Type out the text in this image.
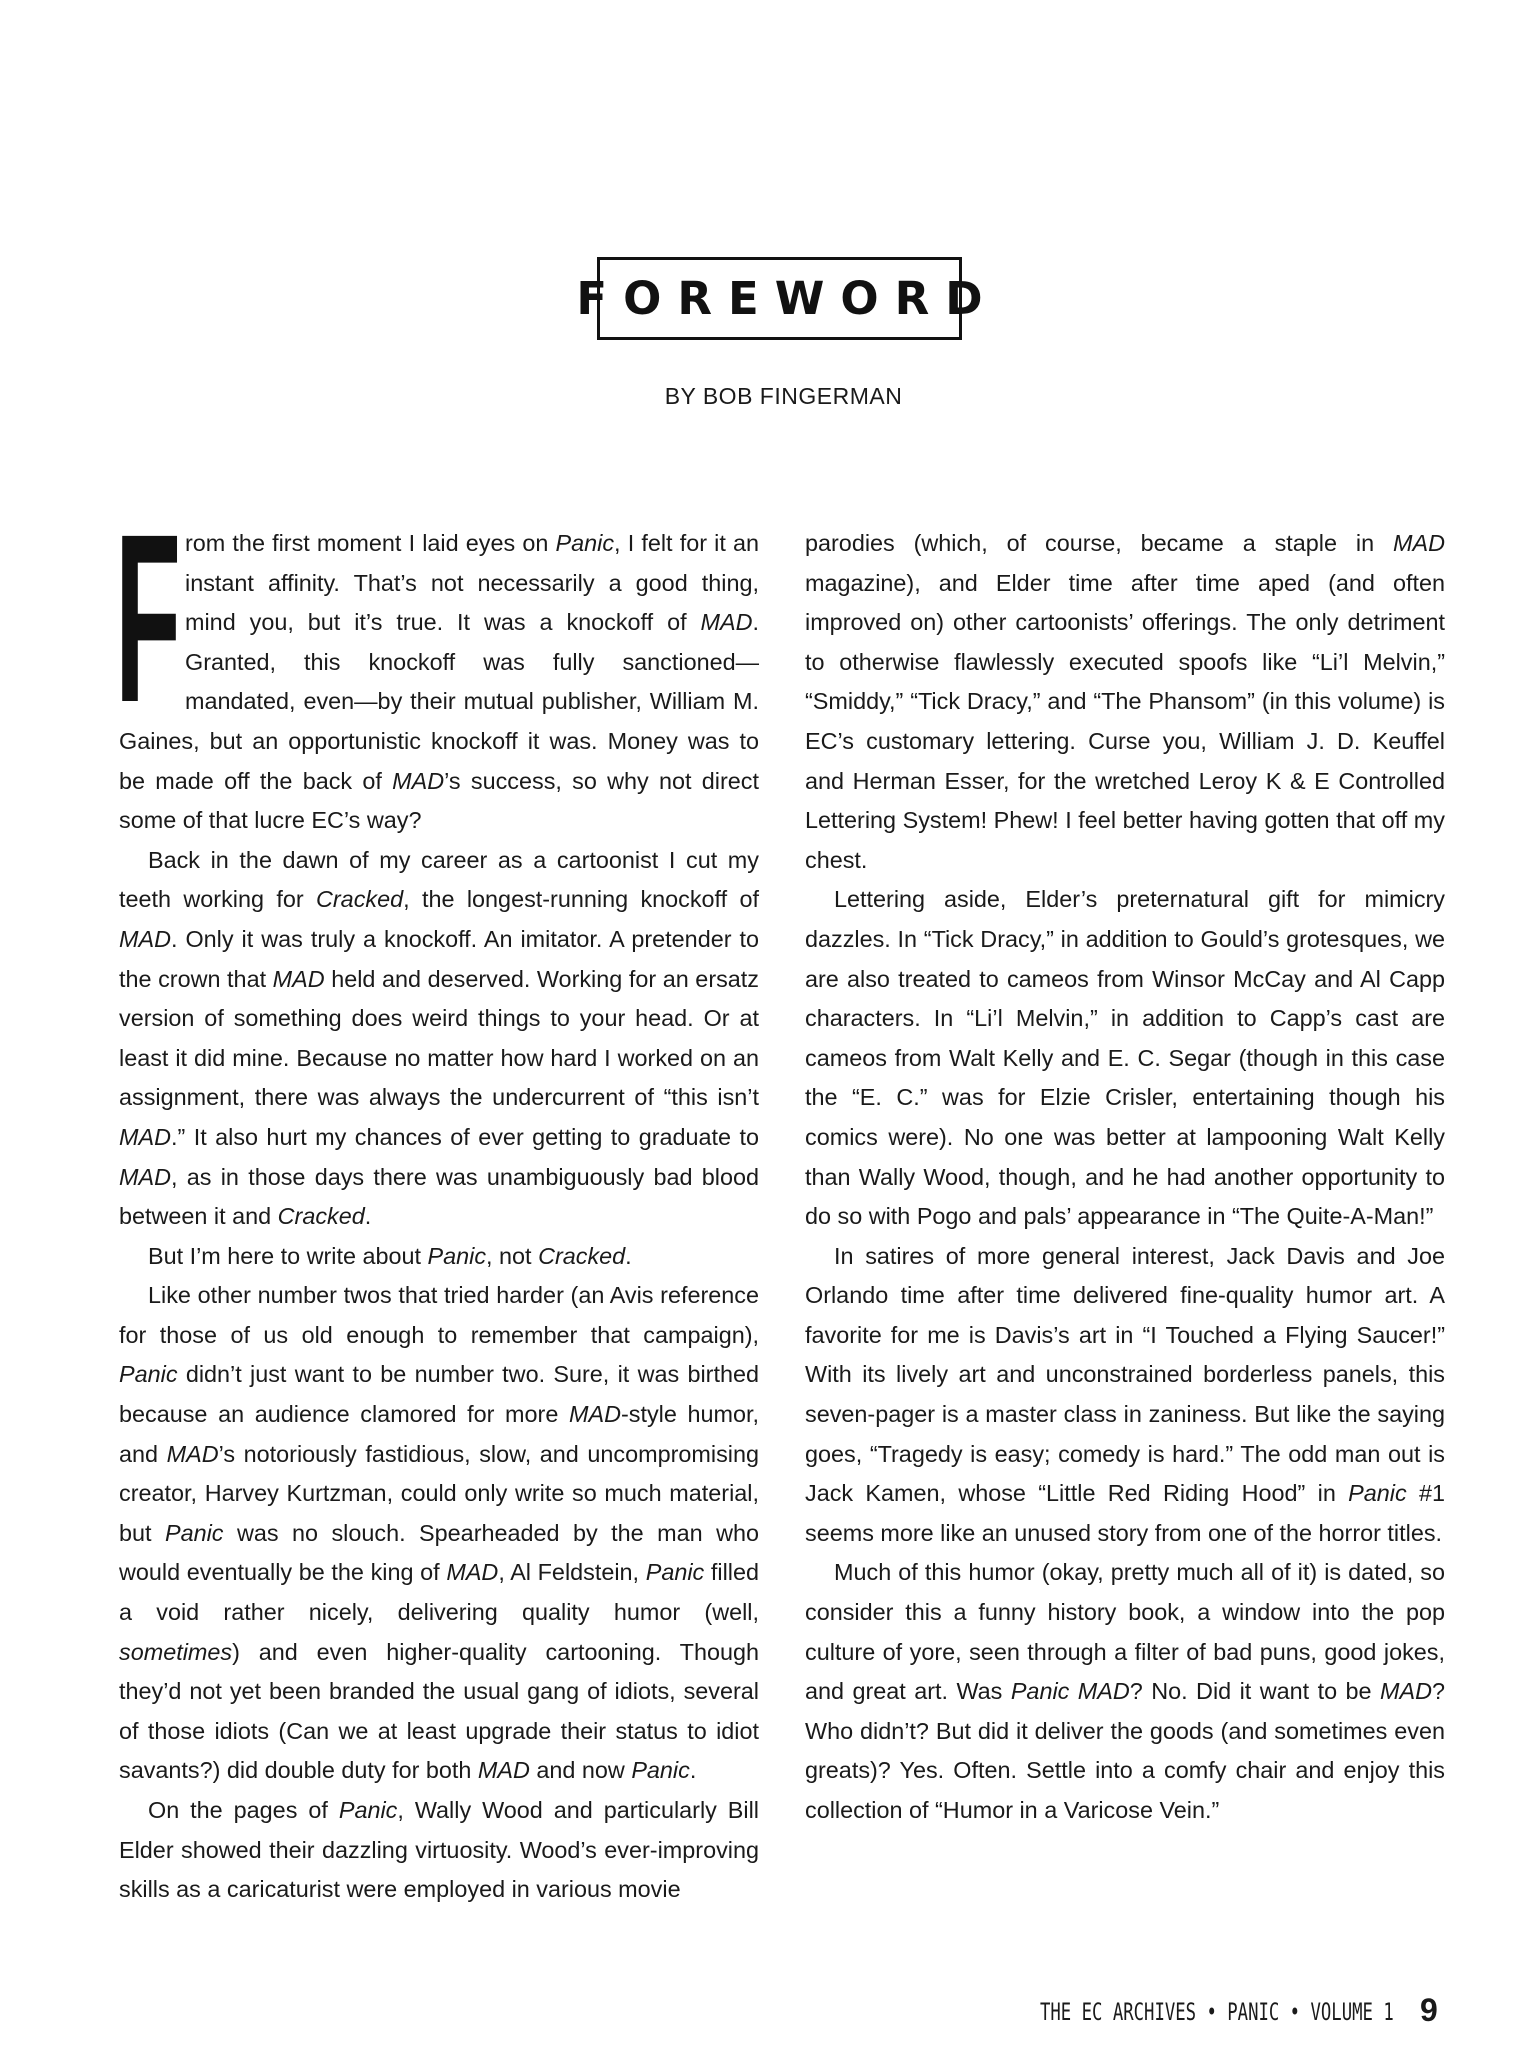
FOREWORD
BY BOB FINGERMAN

From the first moment I laid eyes on Panic, I felt for it an instant affinity. That’s not necessarily a good thing, mind you, but it’s true. It was a knockoff of MAD. Granted, this knockoff was fully sanctioned—mandated, even—by their mutual publisher, William M. Gaines, but an opportunistic knockoff it was. Money was to be made off the back of MAD’s success, so why not direct some of that lucre EC’s way?

Back in the dawn of my career as a cartoonist I cut my teeth working for Cracked, the longest-running knockoff of MAD. Only it was truly a knockoff. An imitator. A pretender to the crown that MAD held and deserved. Working for an ersatz version of something does weird things to your head. Or at least it did mine. Because no matter how hard I worked on an assignment, there was always the undercurrent of “this isn’t MAD.” It also hurt my chances of ever getting to graduate to MAD, as in those days there was unambiguously bad blood between it and Cracked.

But I’m here to write about Panic, not Cracked.

Like other number twos that tried harder (an Avis reference for those of us old enough to remember that campaign), Panic didn’t just want to be number two. Sure, it was birthed because an audience clamored for more MAD-style humor, and MAD’s notoriously fastidious, slow, and uncompromising creator, Harvey Kurtzman, could only write so much material, but Panic was no slouch. Spearheaded by the man who would eventually be the king of MAD, Al Feldstein, Panic filled a void rather nicely, delivering quality humor (well, sometimes) and even higher-quality cartooning. Though they’d not yet been branded the usual gang of idiots, several of those idiots (Can we at least upgrade their status to idiot savants?) did double duty for both MAD and now Panic.

On the pages of Panic, Wally Wood and particularly Bill Elder showed their dazzling virtuosity. Wood’s ever-improving skills as a caricaturist were employed in various movie

parodies (which, of course, became a staple in MAD magazine), and Elder time after time aped (and often improved on) other cartoonists’ offerings. The only detriment to otherwise flawlessly executed spoofs like “Li’l Melvin,” “Smiddy,” “Tick Dracy,” and “The Phansom” (in this volume) is EC’s customary lettering. Curse you, William J. D. Keuffel and Herman Esser, for the wretched Leroy K & E Controlled Lettering System! Phew! I feel better having gotten that off my chest.

Lettering aside, Elder’s preternatural gift for mimicry dazzles. In “Tick Dracy,” in addition to Gould’s grotesques, we are also treated to cameos from Winsor McCay and Al Capp characters. In “Li’l Melvin,” in addition to Capp’s cast are cameos from Walt Kelly and E. C. Segar (though in this case the “E. C.” was for Elzie Crisler, entertaining though his comics were). No one was better at lampooning Walt Kelly than Wally Wood, though, and he had another opportunity to do so with Pogo and pals’ appearance in “The Quite-A-Man!”

In satires of more general interest, Jack Davis and Joe Orlando time after time delivered fine-quality humor art. A favorite for me is Davis’s art in “I Touched a Flying Saucer!” With its lively art and unconstrained borderless panels, this seven-pager is a master class in zaniness. But like the saying goes, “Tragedy is easy; comedy is hard.” The odd man out is Jack Kamen, whose “Little Red Riding Hood” in Panic #1 seems more like an unused story from one of the horror titles.

Much of this humor (okay, pretty much all of it) is dated, so consider this a funny history book, a window into the pop culture of yore, seen through a filter of bad puns, good jokes, and great art. Was Panic MAD? No. Did it want to be MAD? Who didn’t? But did it deliver the goods (and sometimes even greats)? Yes. Often. Settle into a comfy chair and enjoy this collection of “Humor in a Varicose Vein.”

THE EC ARCHIVES • PANIC • VOLUME 1 9
